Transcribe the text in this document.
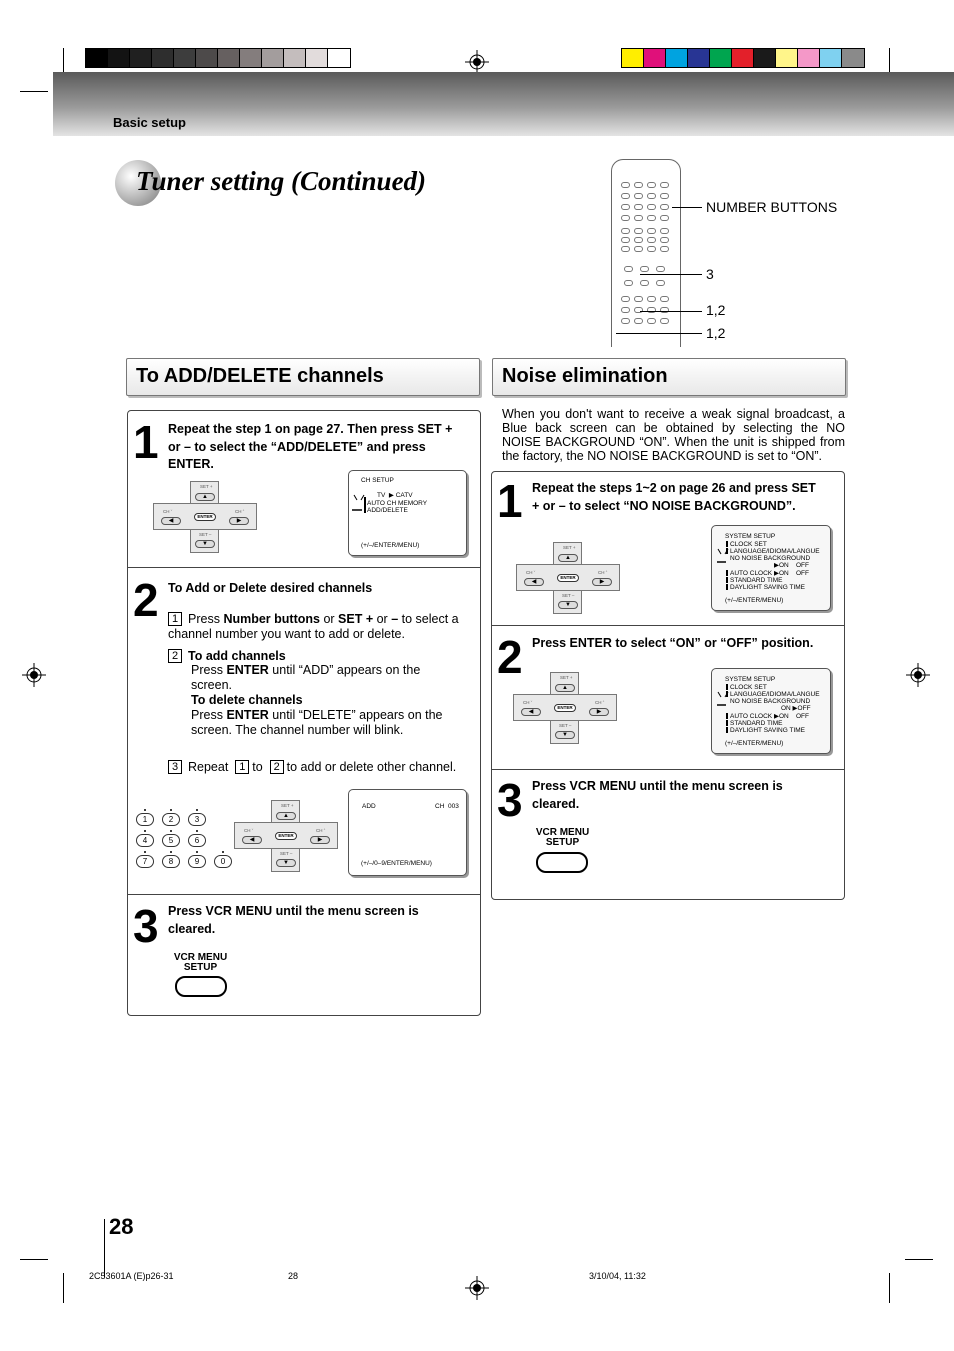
Basic setup
Tuner setting (Continued)
NUMBER BUTTONS
3
1,2
1,2
To ADD/DELETE channels	Noise elimination
1 Repeat the step 1 on page 27. Then press SET + or – to select the “ADD/DELETE” and press ENTER.
SET +
▲
CH ˇ
◀
ENTER
CH ˆ
▶
SET –
▼
CH SETUP
TV  ▶ CATV
AUTO CH MEMORY
ADD/DELETE
(+/–/ENTER/MENU)
2 To Add or Delete desired channels
1 Press Number buttons or SET + or – to select a channel number you want to add or delete.
2 To add channels
Press ENTER until “ADD” appears on the screen.
To delete channels
Press ENTER until “DELETE” appears on the screen. The channel number will blink.
3 Repeat 1 to 2 to add or delete other channel.
1	2	3
4	5	6
7	8	9	0
SET +
▲
CH ˇ
◀
ENTER
CH ˆ
▶
SET –
▼
ADD	CH  003
(+/–/0–9/ENTER/MENU)
3 Press VCR MENU until the menu screen is cleared.
VCR MENU
SETUP
When you don't want to receive a weak signal broadcast, a Blue back screen can be obtained by selecting the NO NOISE BACKGROUND “ON”. When the unit is shipped from the factory, the NO NOISE BACKGROUND is set to “ON”.
1 Repeat the steps 1~2 on page 26 and press SET + or – to select “NO NOISE BACKGROUND”.
SET +
▲
CH ˇ
◀
ENTER
CH ˆ
▶
SET –
▼
SYSTEM SETUP
CLOCK SET
LANGUAGE/IDIOMA/LANGUE
NO NOISE BACKGROUND
▶ON    OFF
AUTO CLOCK ▶ON    OFF
STANDARD TIME
DAYLIGHT SAVING TIME
(+/–/ENTER/MENU)
2 Press ENTER to select “ON” or “OFF” position.
SET +
▲
CH ˇ
◀
ENTER
CH ˆ
▶
SET –
▼
SYSTEM SETUP
CLOCK SET
LANGUAGE/IDIOMA/LANGUE
NO NOISE BACKGROUND
ON ▶OFF
AUTO CLOCK ▶ON    OFF
STANDARD TIME
DAYLIGHT SAVING TIME
(+/–/ENTER/MENU)
3 Press VCR MENU until the menu screen is cleared.
VCR MENU
SETUP
28
2C53601A (E)p26-31	28	3/10/04, 11:32
